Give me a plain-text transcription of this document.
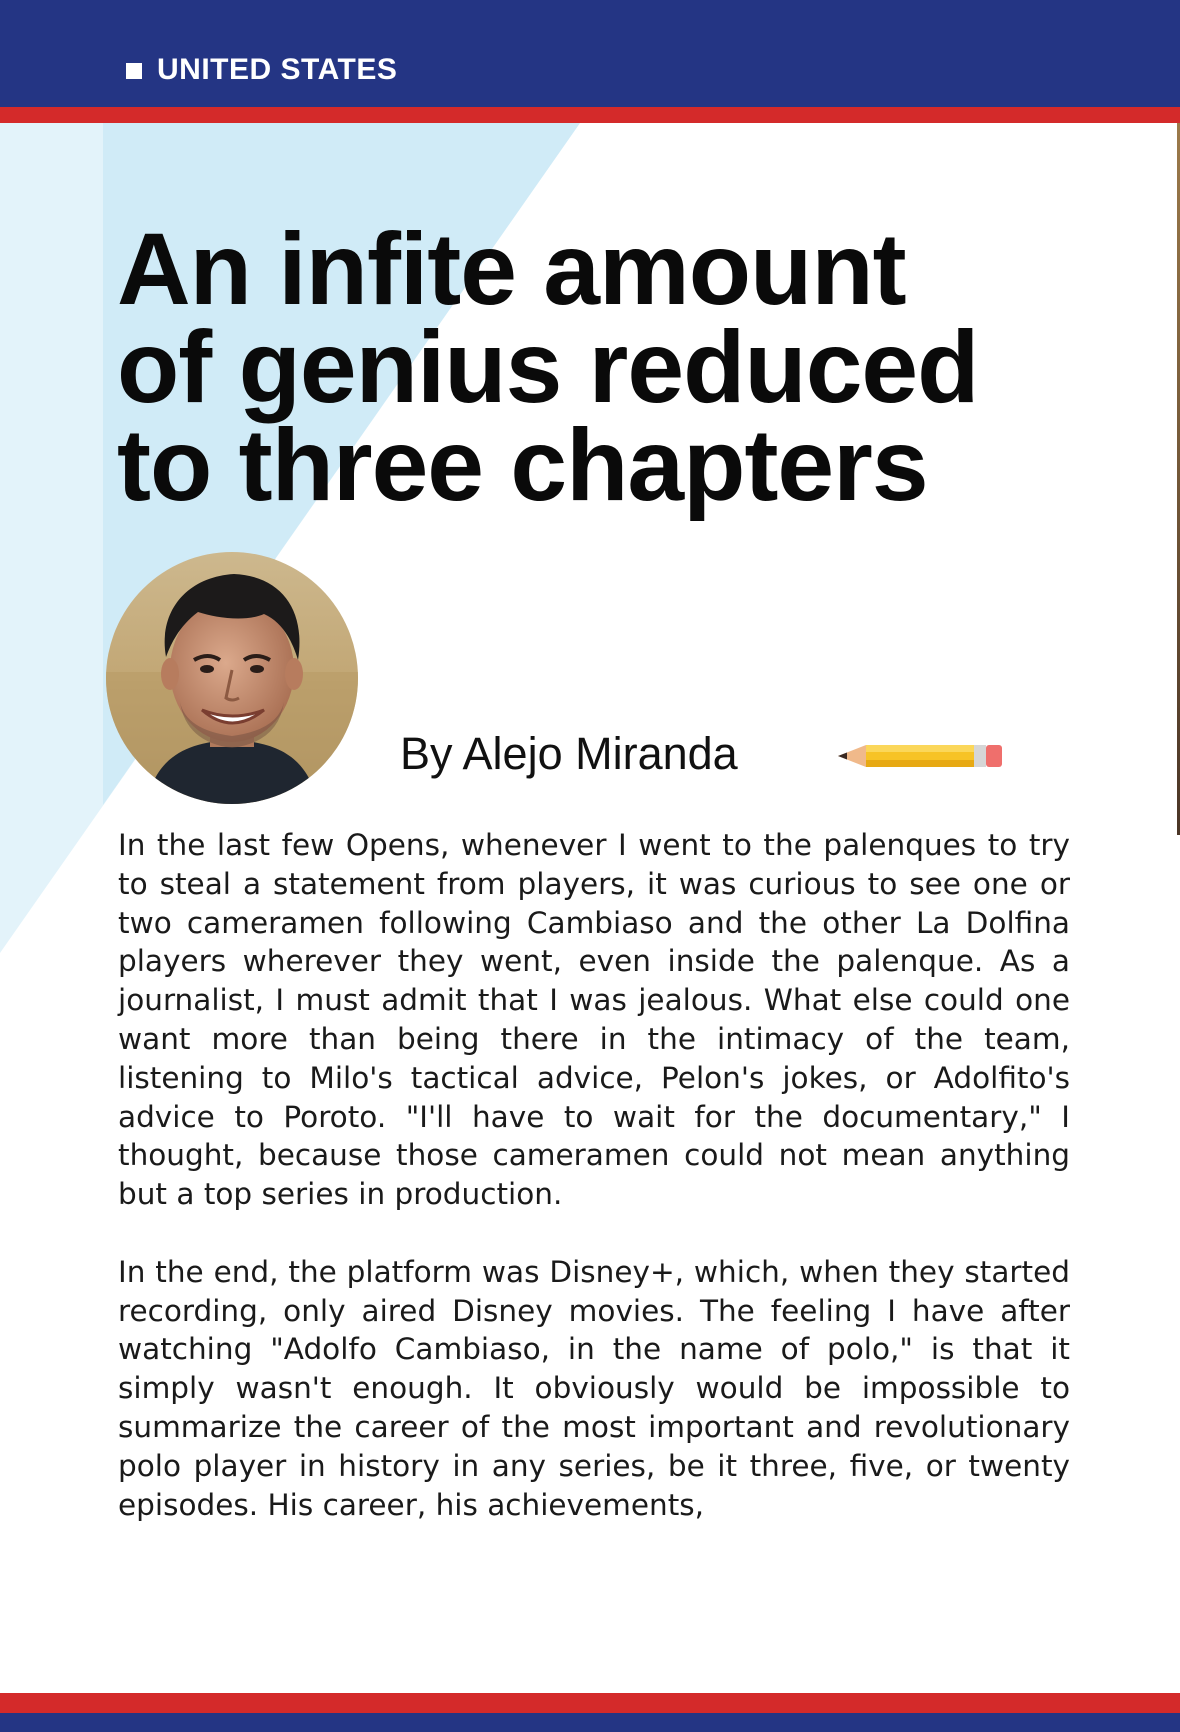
UNITED STATES
An infite amount
of genius reduced
to three chapters
By Alejo Miranda

In the last few Opens, whenever I went to the palenques to try to steal a statement from players, it was curious to see one or two cameramen following Cambiaso and the other La Dolfina players wherever they went, even inside the palenque. As a journalist, I must admit that I was jealous. What else could one want more than being there in the intimacy of the team, listening to Milo's tactical advice, Pelon's jokes, or Adolfito's advice to Poroto. "I'll have to wait for the documentary," I thought, because those cameramen could not mean anything but a top series in production.

In the end, the platform was Disney+, which, when they started recording, only aired Disney movies. The feeling I have after watching "Adolfo Cambiaso, in the name of polo," is that it simply wasn't enough. It obviously would be impossible to summarize the career of the most important and revolutionary polo player in history in any series, be it three, five, or twenty episodes. His career, his achievements,
